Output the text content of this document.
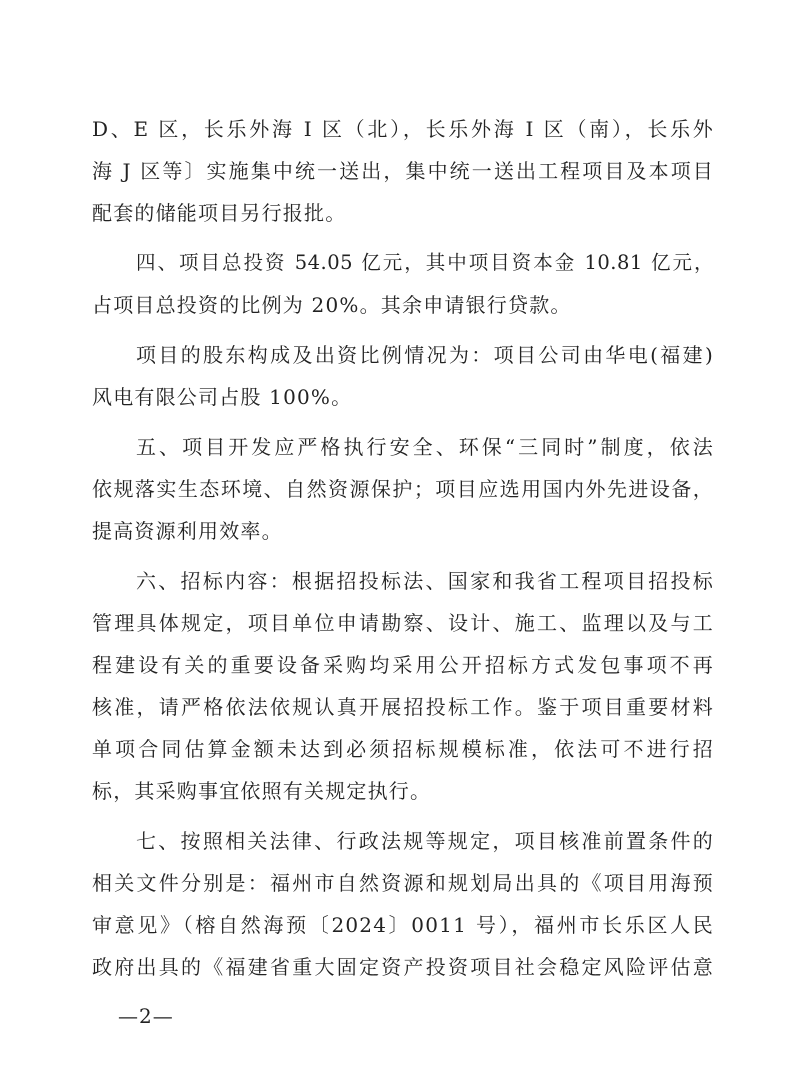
D、E 区，长乐外海 I 区（北），长乐外海 I 区（南），长乐外
海 J 区等〕实施集中统一送出，集中统一送出工程项目及本项目
配套的储能项目另行报批。
四、项目总投资 54.05 亿元，其中项目资本金 10.81 亿元，
占项目总投资的比例为 20%。其余申请银行贷款。
项目的股东构成及出资比例情况为：项目公司由华电(福建)
风电有限公司占股 100%。
五、项目开发应严格执行安全、环保“三同时”制度，依法
依规落实生态环境、自然资源保护；项目应选用国内外先进设备，
提高资源利用效率。
六、招标内容：根据招投标法、国家和我省工程项目招投标
管理具体规定，项目单位申请勘察、设计、施工、监理以及与工
程建设有关的重要设备采购均采用公开招标方式发包事项不再
核准，请严格依法依规认真开展招投标工作。鉴于项目重要材料
单项合同估算金额未达到必须招标规模标准，依法可不进行招
标，其采购事宜依照有关规定执行。
七、按照相关法律、行政法规等规定，项目核准前置条件的
相关文件分别是：福州市自然资源和规划局出具的《项目用海预
审意见》（榕自然海预〔2024〕0011 号），福州市长乐区人民
政府出具的《福建省重大固定资产投资项目社会稳定风险评估意
—2—
